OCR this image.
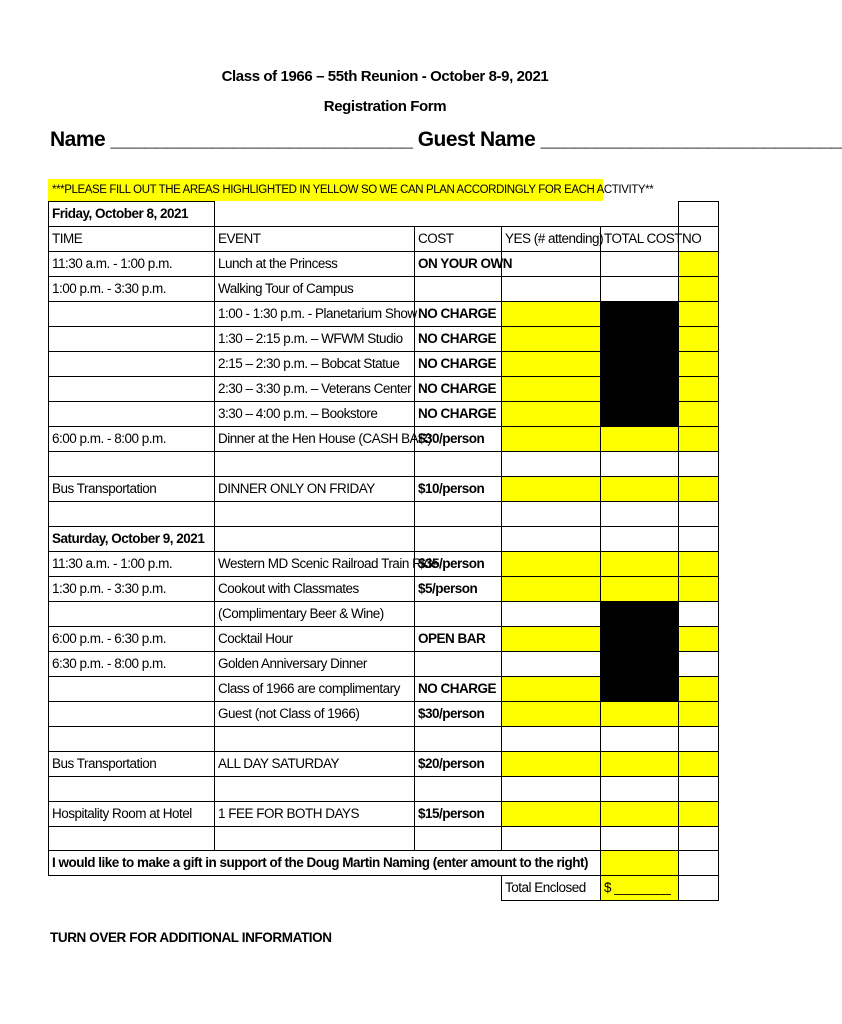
Class of 1966 – 55th Reunion - October 8-9, 2021
Registration Form
Name ___________________________ Guest Name ___________________________
***PLEASE FILL OUT THE AREAS HIGHLIGHTED IN YELLOW SO WE CAN PLAN ACCORDINGLY FOR EACH ACTIVITY**
Friday, October 8, 2021					
TIME	EVENT	COST	YES (# attending)	TOTAL COST	NO
11:30 a.m. - 1:00 p.m.	Lunch at the Princess	ON YOUR OWN			
1:00 p.m. - 3:30 p.m.	Walking Tour of Campus				
	1:00 - 1:30 p.m. - Planetarium Show	NO CHARGE			
	1:30 – 2:15 p.m. – WFWM Studio	NO CHARGE			
	2:15 – 2:30 p.m. – Bobcat Statue	NO CHARGE			
	2:30 – 3:30 p.m. – Veterans Center	NO CHARGE			
	3:30 – 4:00 p.m. – Bookstore	NO CHARGE			
6:00 p.m. - 8:00 p.m.	Dinner at the Hen House (CASH BAR)	$30/person			

Bus Transportation	DINNER ONLY ON FRIDAY	$10/person			

Saturday, October 9, 2021					
11:30 a.m. - 1:00 p.m.	Western MD Scenic Railroad Train Ride	$35/person			
1:30 p.m. - 3:30 p.m.	Cookout with Classmates	$5/person			
	(Complimentary Beer & Wine)				
6:00 p.m. - 6:30 p.m.	Cocktail Hour	OPEN BAR			
6:30 p.m. - 8:00 p.m.	Golden Anniversary Dinner				
	Class of 1966 are complimentary	NO CHARGE			
	Guest (not Class of 1966)	$30/person			

Bus Transportation	ALL DAY SATURDAY	$20/person			

Hospitality Room at Hotel	1 FEE FOR BOTH DAYS	$15/person			

I would like to make a gift in support of the Doug Martin Naming (enter amount to the right)					
			Total Enclosed	$ ________	
TURN OVER FOR ADDITIONAL INFORMATION
